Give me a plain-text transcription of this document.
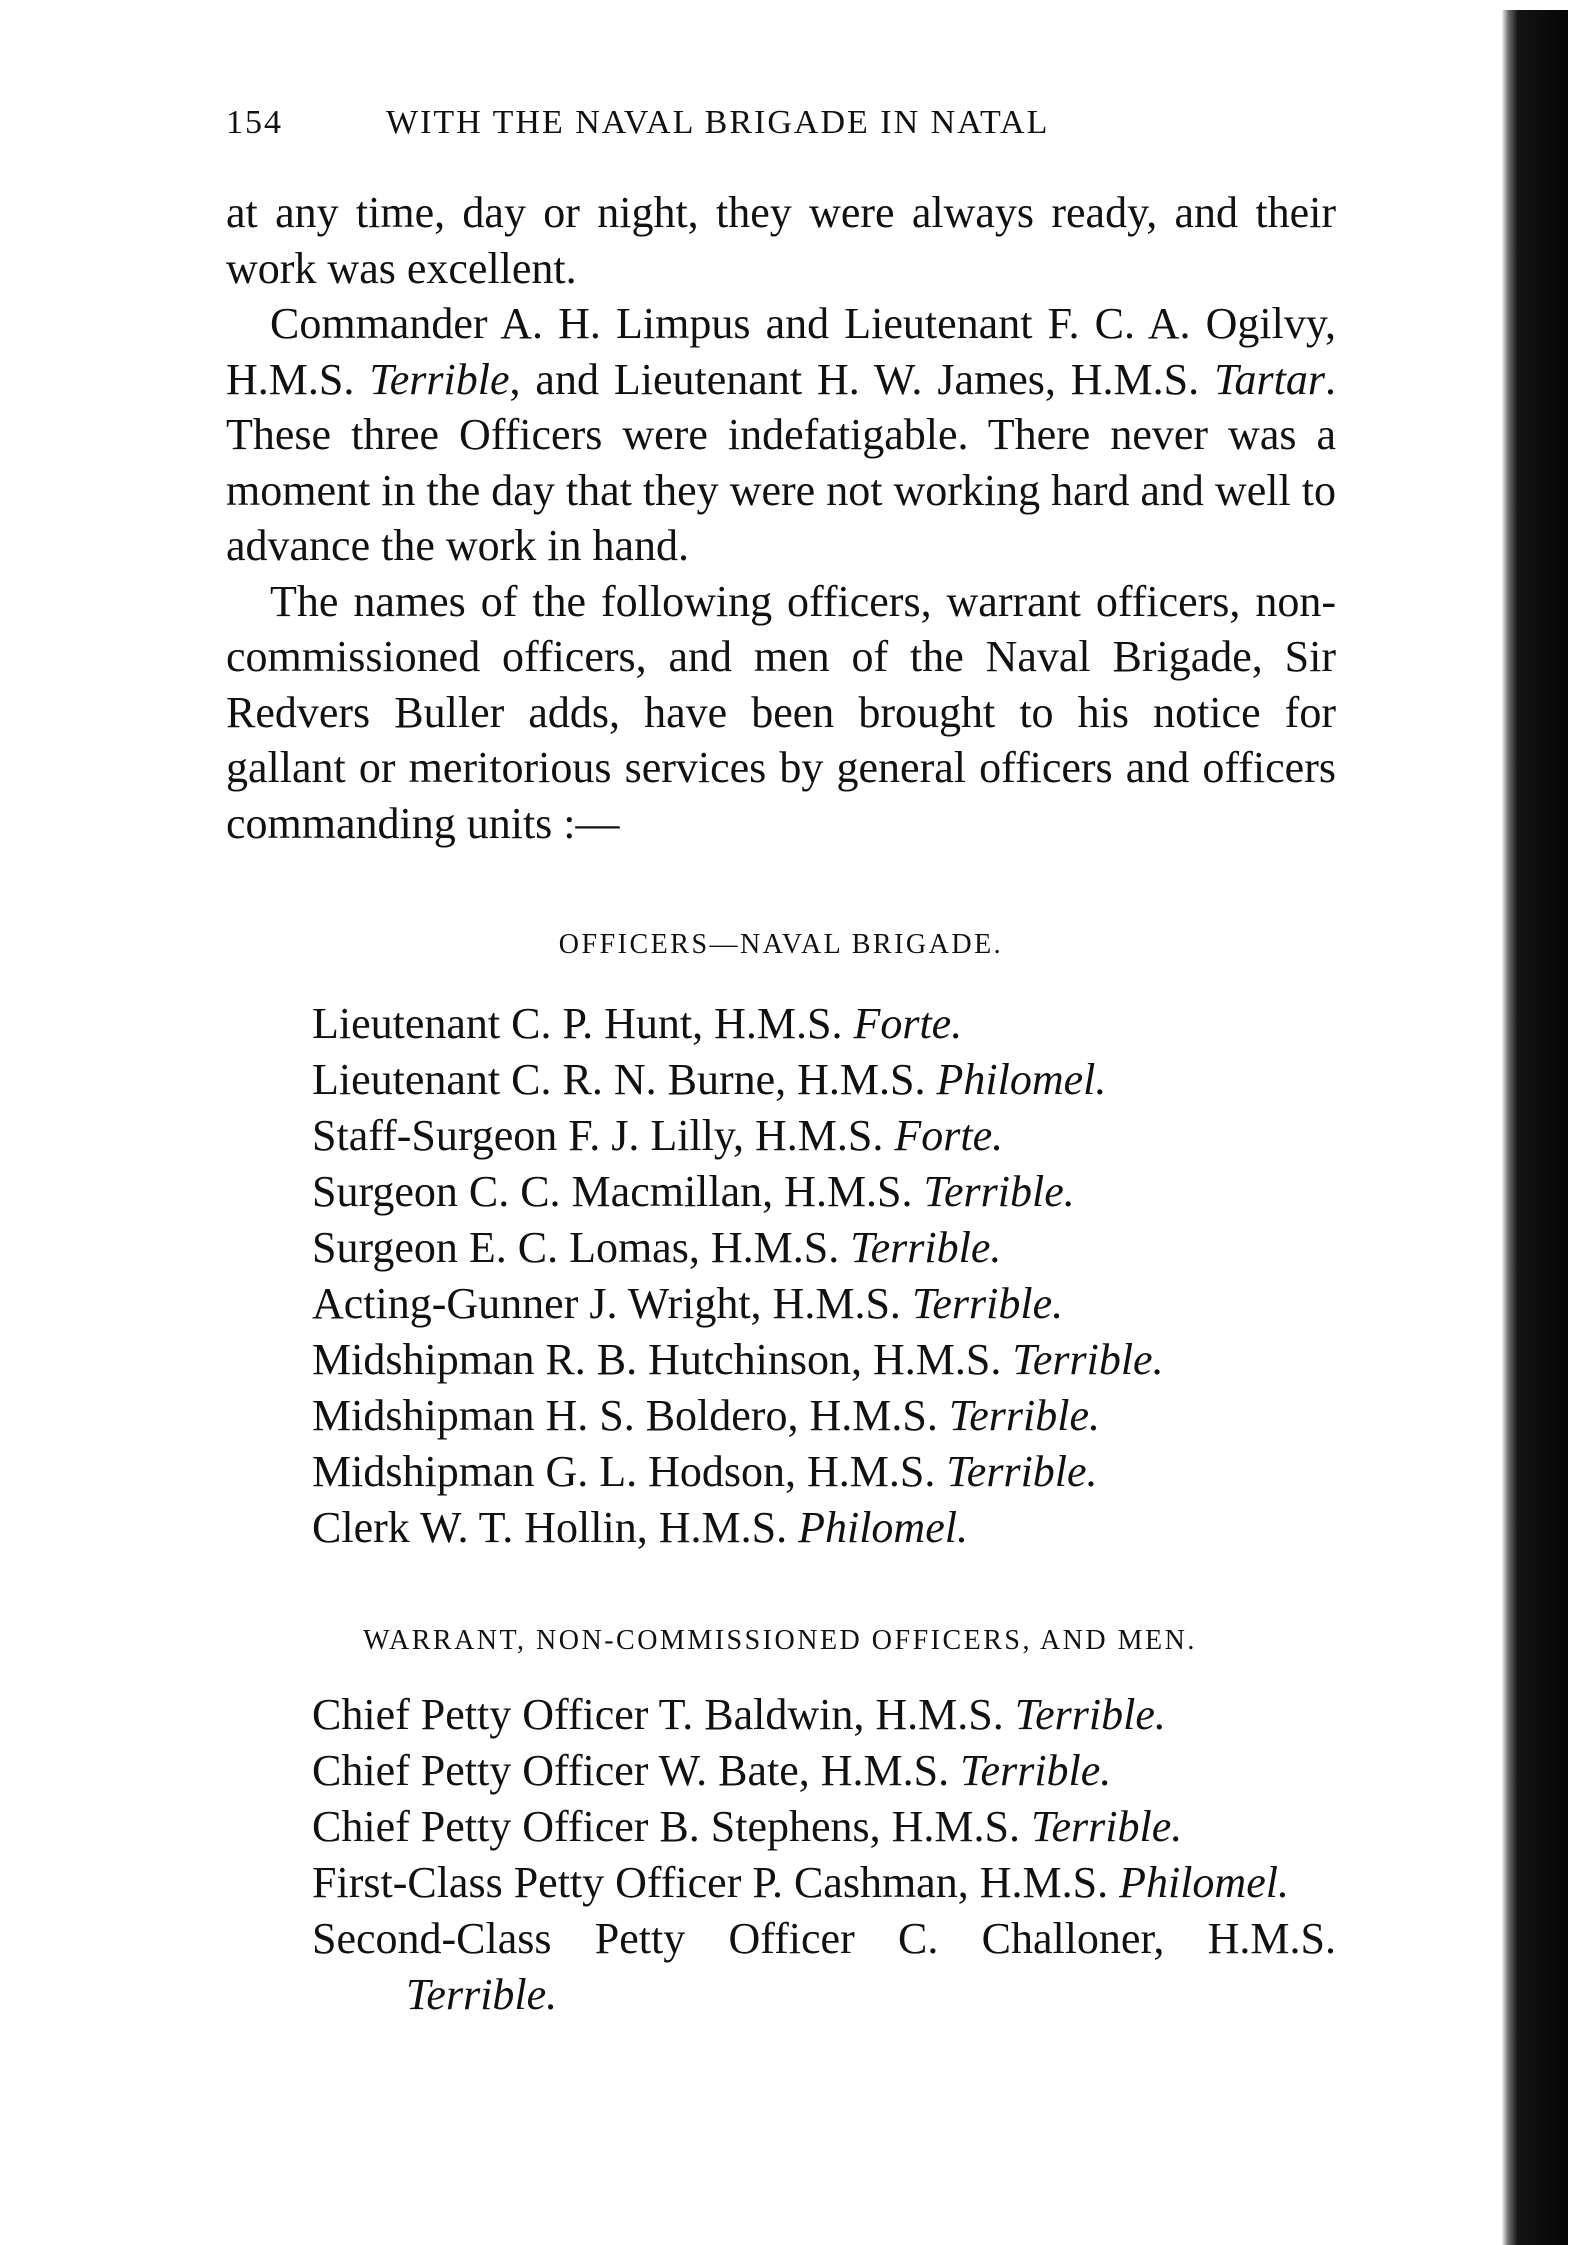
154	WITH THE NAVAL BRIGADE IN NATAL

at any time, day or night, they were always ready, and their work was excellent.

Commander A. H. Limpus and Lieutenant F. C. A. Ogilvy, H.M.S. Terrible, and Lieutenant H. W. James, H.M.S. Tartar. These three Officers were indefatigable. There never was a moment in the day that they were not working hard and well to advance the work in hand.

The names of the following officers, warrant officers, non-commissioned officers, and men of the Naval Brigade, Sir Redvers Buller adds, have been brought to his notice for gallant or meritorious services by general officers and officers commanding units :—

OFFICERS—NAVAL BRIGADE.
Lieutenant C. P. Hunt, H.M.S. Forte.
Lieutenant C. R. N. Burne, H.M.S. Philomel.
Staff-Surgeon F. J. Lilly, H.M.S. Forte.
Surgeon C. C. Macmillan, H.M.S. Terrible.
Surgeon E. C. Lomas, H.M.S. Terrible.
Acting-Gunner J. Wright, H.M.S. Terrible.
Midshipman R. B. Hutchinson, H.M.S. Terrible.
Midshipman H. S. Boldero, H.M.S. Terrible.
Midshipman G. L. Hodson, H.M.S. Terrible.
Clerk W. T. Hollin, H.M.S. Philomel.
WARRANT, NON-COMMISSIONED OFFICERS, AND MEN.
Chief Petty Officer T. Baldwin, H.M.S. Terrible.
Chief Petty Officer W. Bate, H.M.S. Terrible.
Chief Petty Officer B. Stephens, H.M.S. Terrible.
First-Class Petty Officer P. Cashman, H.M.S. Philomel.
Second-Class Petty Officer C. Challoner, H.M.S. Terrible.
